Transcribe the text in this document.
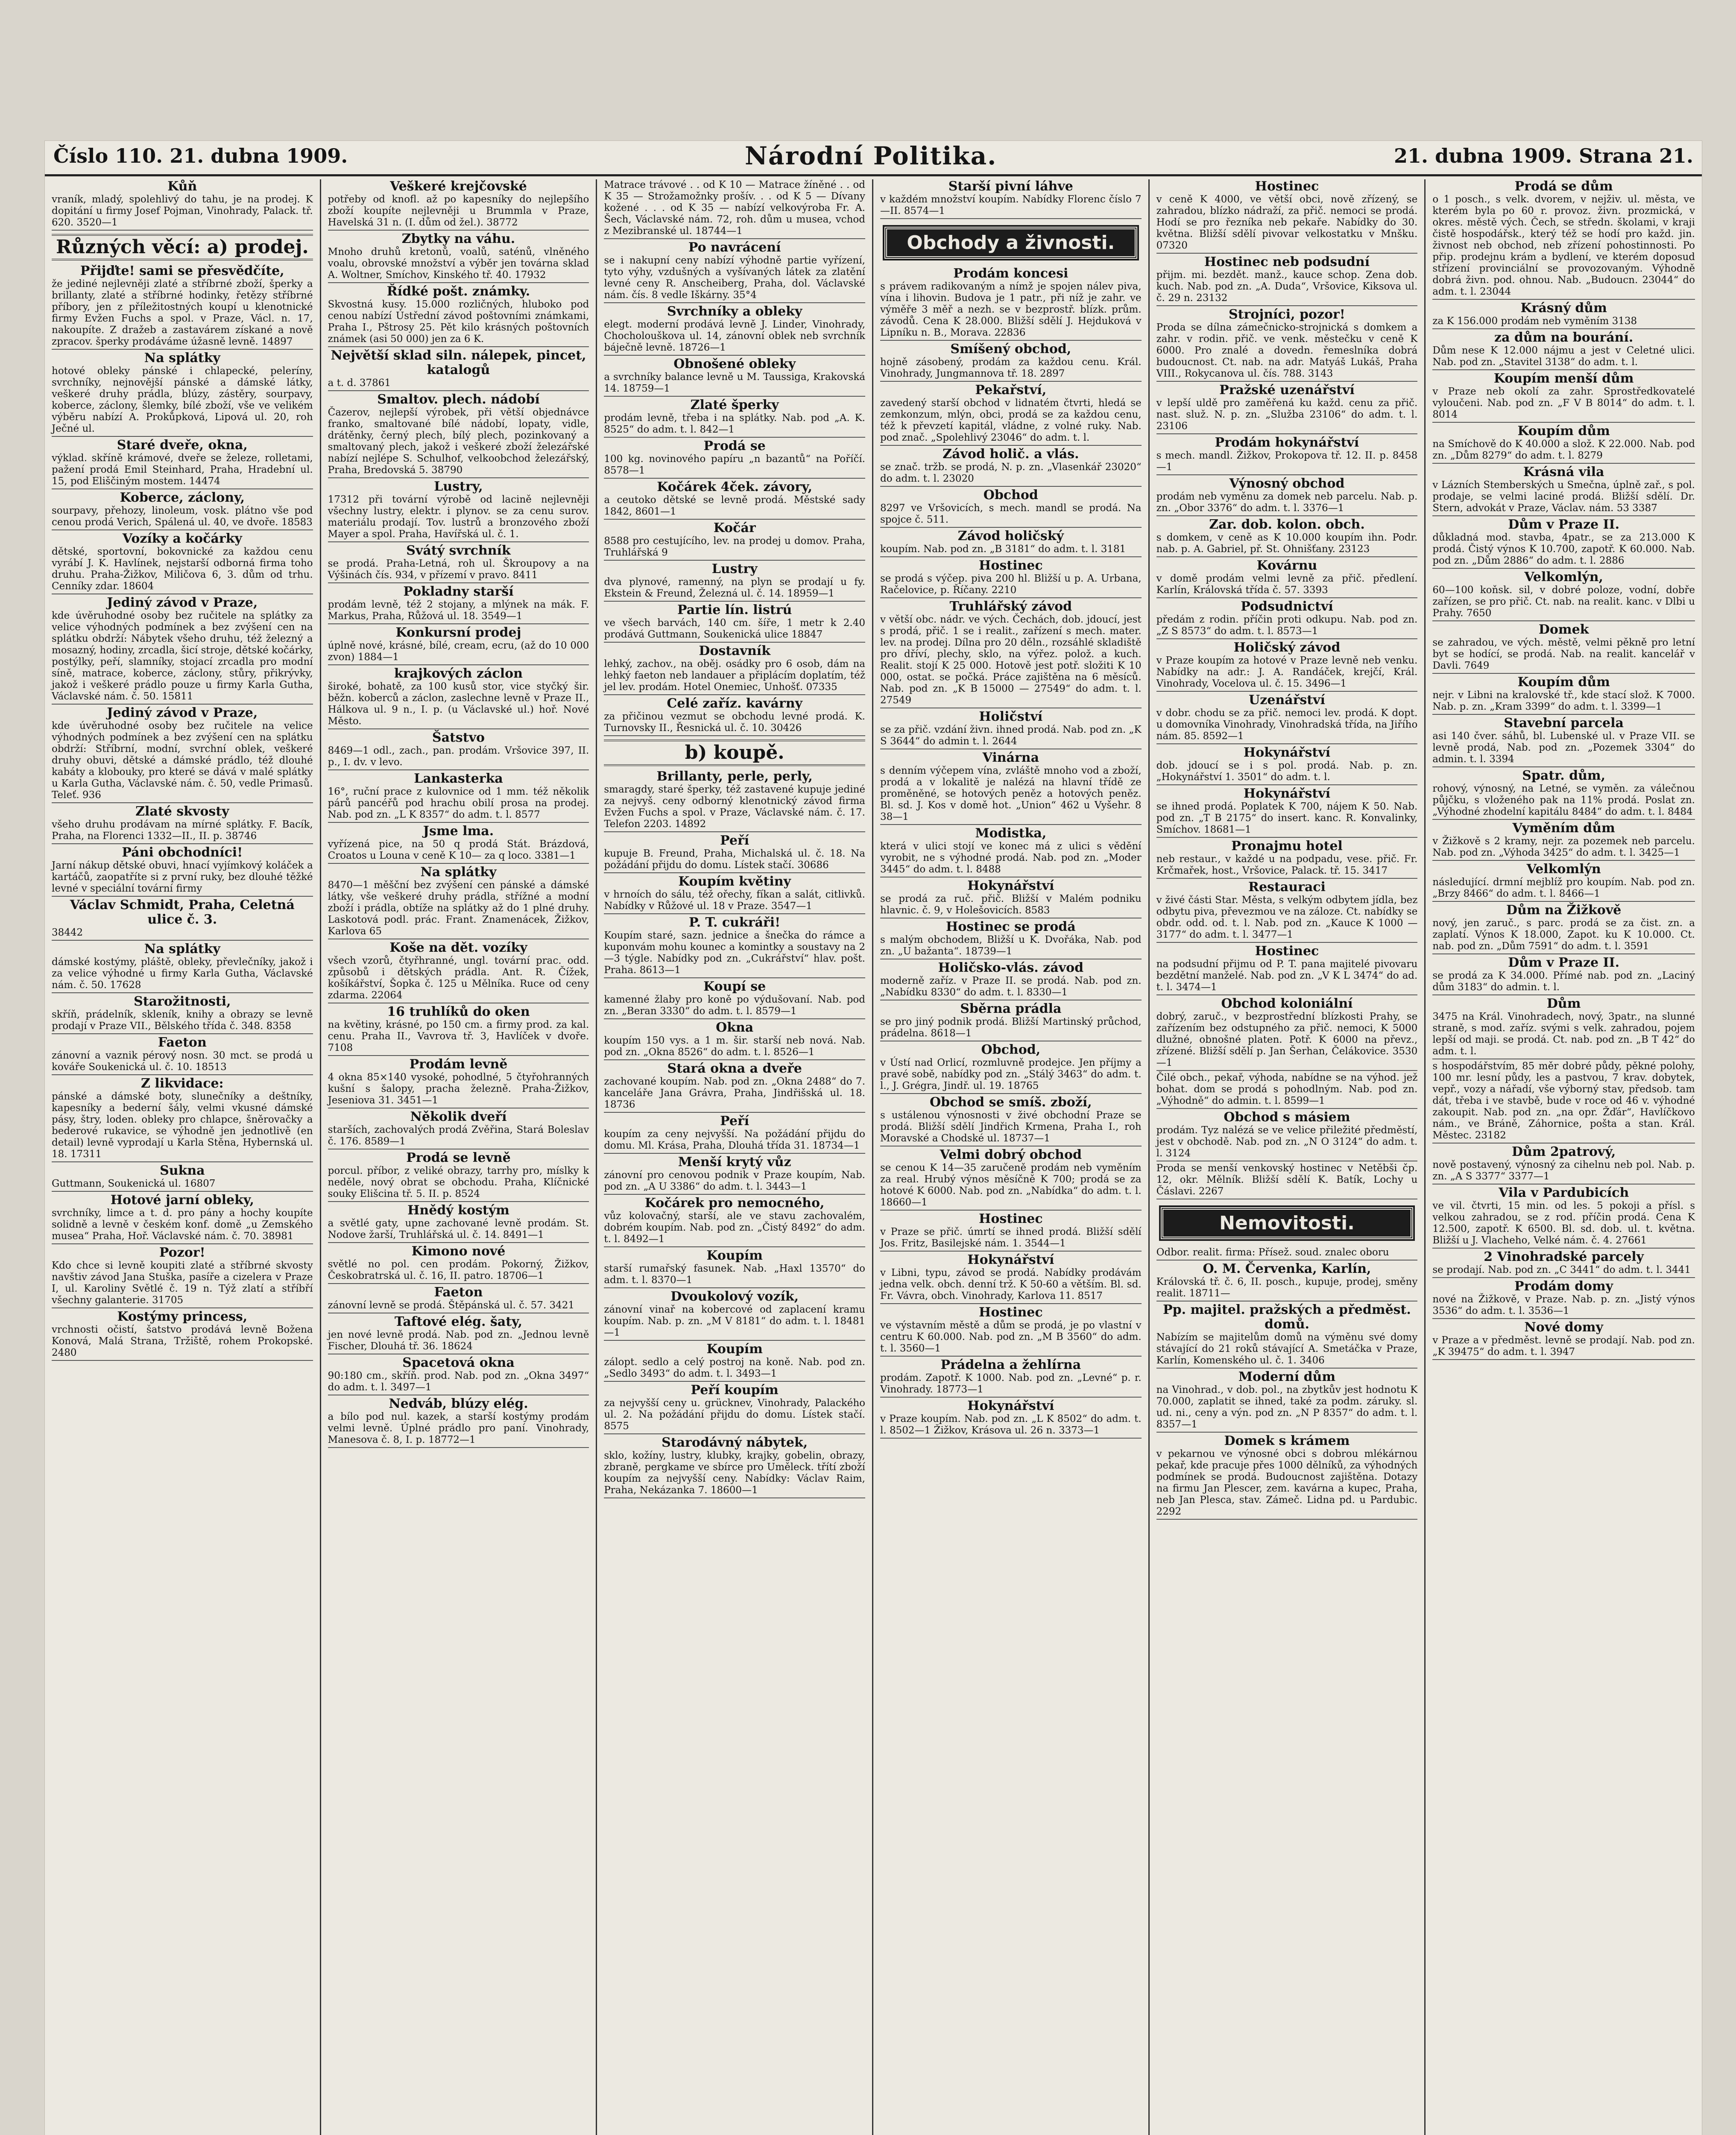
Číslo 110. 21. dubna 1909.	Národní Politika.	21. dubna 1909. Strana 21.
Kůň
vraník, mladý, spolehlivý do tahu, je na prodej. K dopitání u firmy Josef Pojman, Vinohrady, Palack. tř. 620. 3520—1
Různých věcí: a) prodej.
Přijďte! sami se přesvědčíte,
že jediné nejlevněji zlaté a stříbrné zboží, šperky a brillanty, zlaté a stříbrné hodinky, řetězy stříbrné příbory, jen z příležitostných koupí u klenotnické firmy Evžen Fuchs a spol. v Praze, Václ. n. 17, nakoupíte. Z dražeb a zastavárem získané a nově zpracov. šperky prodáváme úžasně levně. 14897
Na splátky
hotové obleky pánské i chlapecké, peleríny, svrchníky, nejnovější pánské a dámské látky, veškeré druhy prádla, blúzy, zástěry, sourpavy, koberce, záclony, šlemky, bílé zboží, vše ve velikém výběru nabízí A. Prokůpková, Lipová ul. 20, roh Ječné ul.
Staré dveře, okna,
výklad. skříně krámové, dveře se železe, rolletami, pažení prodá Emil Steinhard, Praha, Hradební ul. 15, pod Eliščiným mostem. 14474
Koberce, záclony,
sourpavy, přehozy, linoleum, vosk. plátno vše pod cenou prodá Verich, Spálená ul. 40, ve dvoře. 18583
Vozíky a kočárky
dětské, sportovní, bokovnické za každou cenu vyrábí J. K. Havlínek, nejstarší odborná firma toho druhu. Praha-Žižkov, Miličova 6, 3. dům od trhu. Cenníky zdar. 18604
Jediný závod v Praze,
kde úvěruhodné osoby bez ručitele na splátky za velice výhodných podmínek a bez zvýšení cen na splátku obdrží: Nábytek všeho druhu, též železný a mosazný, hodiny, zrcadla, šicí stroje, dětské kočárky, postýlky, peří, slamníky, stojací zrcadla pro modní síně, matrace, koberce, záclony, stůry, přikrývky, jakož i veškeré prádlo pouze u firmy Karla Gutha, Václavské nám. č. 50. 15811
Jediný závod v Praze,
kde úvěruhodné osoby bez ručitele na velice výhodných podmínek a bez zvýšení cen na splátku obdrží: Stříbrní, modní, svrchní oblek, veškeré druhy obuvi, dětské a dámské prádlo, též dlouhé kabáty a klobouky, pro které se dává v malé splátky u Karla Gutha, Václavské nám. č. 50, vedle Primasů. Teleť. 936
Zlaté skvosty
všeho druhu prodávam na mírné splátky. F. Bacík, Praha, na Florenci 1332—II., II. p. 38746
Páni obchodníci!
Jarní nákup dětské obuvi, hnací vyjímkový koláček a kartáčů, zaopatříte si z první ruky, bez dlouhé těžké levné v speciální tovární firmy
Václav Schmidt, Praha, Celetná ulice č. 3.
38442
Na splátky
dámské kostýmy, pláště, obleky, převlečníky, jakož i za velice výhodné u firmy Karla Gutha, Václavské nám. č. 50. 17628
Starožitnosti,
skříň, prádelník, skleník, knihy a obrazy se levně prodají v Praze VII., Bělského třída č. 348. 8358
Faeton
zánovní a vaznik pérový nosn. 30 mct. se prodá u kováře Soukenická ul. č. 10. 18513
Z likvidace:
pánské a dámské boty, slunečníky a deštníky, kapesníky a bederní šály, velmi vkusné dámské pásy, štry, loden. obleky pro chlapce, šněrovačky a bederové rukavice, se výhodně jen jednotlivě (en detail) levně vyprodají u Karla Stěna, Hybernská ul. 18. 17311
Sukna
Guttmann, Soukenická ul. 16807
Hotové jarní obleky,
svrchníky, limce a t. d. pro pány a hochy koupíte solidně a levně v českém konf. domě „u Zemského musea“ Praha, Hoř. Václavské nám. č. 70. 38981
Pozor!
Kdo chce si levně koupiti zlaté a stříbrné skvosty navštiv závod Jana Stuška, pasíře a cizelera v Praze I, ul. Karoliny Světlé č. 19 n. Týž zlatí a stříbří všechny galanterie. 31705
Kostýmy princess,
vrchnosti očistí, šatstvo prodává levně Božena Konová, Malá Strana, Tržiště, rohem Prokopské. 2480
Veškeré krejčovské
potřeby od knofl. až po kapesníky do nejlepšího zboží koupíte nejlevněji u Brummla v Praze, Havelská 31 n. (I. dům od žel.). 38772
Zbytky na váhu.
Mnoho druhů kretonů, voalů, saténů, vlněného voalu, obrovské množství a výběr jen továrna sklad A. Woltner, Smíchov, Kinského tř. 40. 17932
Řídké pošt. známky.
Skvostná kusy. 15.000 rozličných, hluboko pod cenou nabízí Ústřední závod poštovními známkami, Praha I., Pštrosy 25. Pět kilo krásných poštovních známek (asi 50 000) jen za 6 K.
Největší sklad siln. nálepek, pincet, katalogů
a t. d. 37861
Smaltov. plech. nádobí
Čazerov, nejlepší výrobek, při větší objednávce franko, smaltované bílé nádobí, lopaty, vidle, drátěnky, černý plech, bílý plech, pozinkovaný a smaltovaný plech, jakož i veškeré zboží železářské nabízí nejlépe S. Schulhof, velkoobchod železářský, Praha, Bredovská 5. 38790
Lustry,
17312 při tovární výrobě od lacině nejlevněji všechny lustry, elektr. i plynov. se za cenu surov. materiálu prodají. Tov. lustrů a bronzového zboží Mayer a spol. Praha, Havířská ul. č. 1.
Svátý svrchník
se prodá. Praha-Letná, roh ul. Škroupovy a na Výšinách čís. 934, v přízemí v pravo. 8411
Pokladny starší
prodám levně, též 2 stojany, a mlýnek na mák. F. Markus, Praha, Růžová ul. 18. 3549—1
Konkursní prodej
úplně nové, krásné, bílé, cream, ecru, (až do 10 000 zvon) 1884—1
krajkových záclon
široké, bohatě, za 100 kusů stor, vice styčký šir. běžn. koberců a záclon, zaslechne levně v Praze II., Hálkova ul. 9 n., I. p. (u Václavské ul.) hoř. Nové Město.
Šatstvo
8469—1 odl., zach., pan. prodám. Vršovice 397, II. p., I. dv. v levo.
Lankasterka
16°, ruční prace z kulovnice od 1 mm. též několik párů pancéřů pod hrachu obilí prosa na prodej. Nab. pod zn. „L K 8357“ do adm. t. l. 8577
Jsme lma.
vyřízená pice, na 50 q prodá Stát. Brázdová, Croatos u Louna v ceně K 10— za q loco. 3381—1
Na splátky
8470—1 měšční bez zvýšení cen pánské a dámské látky, vše veškeré druhy prádla, střížné a modní zboží i prádla, obtíže na splátky až do 1 plné druhy. Laskotová podl. prác. Frant. Znamenácek, Žižkov, Karlova 65
Koše na dět. vozíky
všech vzorů, čtyřhranné, ungl. tovární prac. odd. způsobů i dětských prádla. Ant. R. Čížek, košíkářství, Šopka č. 125 u Mělníka. Ruce od ceny zdarma. 22064
16 truhlíků do oken
na květiny, krásné, po 150 cm. a firmy prod. za kal. cenu. Praha II., Vavrova tř. 3, Havlíček v dvoře. 7108
Prodám levně
4 okna 85×140 vysoké, pohodlné, 5 čtyřohranných kušní s šalopy, pracha železně. Praha-Žižkov, Jeseniova 31. 3451—1
Několik dveří
starších, zachovalých prodá Zvěřina, Stará Boleslav č. 176. 8589—1
Prodá se levně
porcul. příbor, z veliké obrazy, tarrhy pro, míslky k neděle, nový obrat se obchodu. Praha, Klíčnické souky Elišcina tř. 5. II. p. 8524
Hnědý kostým
a světlé gaty, upne zachované levně prodám. St. Nodove žarší, Truhlářská ul. č. 14. 8491—1
Kimono nové
světlé no pol. cen prodám. Pokorný, Žižkov, Českobratrská ul. č. 16, II. patro. 18706—1
Faeton
zánovní levně se prodá. Štěpánská ul. č. 57. 3421
Taftové elég. šaty,
jen nové levně prodá. Nab. pod zn. „Jednou levně Fischer, Dlouhá tř. 36. 18624
Spacetová okna
90:180 cm., skříň. prod. Nab. pod zn. „Okna 3497“ do adm. t. l. 3497—1
Nedváb, blúzy elég.
a bílo pod nul. kazek, a starší kostýmy prodám velmi levně. Úplné prádlo pro paní. Vinohrady, Manesova č. 8, I. p. 18772—1
Matrace trávové . . od K 10 — Matrace žíněné . . od K 35 — Strožamožnky prošív. . . od K 5 — Dívany kožené . . . od K 35 — nabízí velkovýroba Fr. A. Šech, Václavské nám. 72, roh. dům u musea, vchod z Mezibranské ul. 18744—1
Po navrácení
se i nakupní ceny nabízí výhodně partie vyřízení, tyto výhy, vzdušných a vyšívaných látek za zlatění levné ceny R. Anscheiberg, Praha, dol. Václavské nám. čís. 8 vedle Iškárny. 35°4
Svrchníky a obleky
elegt. moderní prodává levně J. Linder, Vinohrady, Chocholouškova ul. 14, zánovní oblek neb svrchník báječně levně. 18726—1
Obnošené obleky
a svrchníky balance levně u M. Taussiga, Krakovská 14. 18759—1
Zlaté šperky
prodám levně, třeba i na splátky. Nab. pod „A. K. 8525“ do adm. t. l. 842—1
Prodá se
100 kg. novinového papíru „n bazantů“ na Poříčí. 8578—1
Kočárek 4ček. závory,
a ceutoko dětské se levně prodá. Městské sady 1842, 8601—1
Kočár
8588 pro cestujícího, lev. na prodej u domov. Praha, Truhlářská 9
Lustry
dva plynové, ramenný, na plyn se prodají u fy. Ekstein & Freund, Železná ul. č. 14. 18959—1
Partie lín. listrú
ve všech barvách, 140 cm. šíře, 1 metr k 2.40 prodává Guttmann, Soukenická ulice 18847
Dostavník
lehký, zachov., na oběj. osádky pro 6 osob, dám na lehký faeton neb landauer a připlácím doplatím, též jel lev. prodám. Hotel Onemiec, Unhošť. 07335
Celé zaříz. kavárny
za přičinou vezmut se obchodu levné prodá. K. Turnovsky II., Řesnická ul. č. 10. 30426
b) koupě.
Brillanty, perle, perly,
smaragdy, staré šperky, též zastavené kupuje jediné za nejvyš. ceny odborný klenotnický závod firma Evžen Fuchs a spol. v Praze, Václavské nám. č. 17. Telefon 2203. 14892
Peří
kupuje B. Freund, Praha, Michalská ul. č. 18. Na požádání přijdu do domu. Lístek stačí. 30686
Koupím květiny
v hrnoích do sálu, též ořechy, fíkan a salát, citlivků. Nabídky v Růžové ul. 18 v Praze. 3547—1
P. T. cukráři!
Koupím staré, sazn. jednice a šnečka do rámce a kuponvám mohu kounec a komintky a soustavy na 2—3 týgle. Nabídky pod zn. „Cukrářství“ hlav. pošt. Praha. 8613—1
Koupí se
kamenné žlaby pro koně po výdušovaní. Nab. pod zn. „Beran 3330“ do adm. t. l. 8579—1
Okna
koupím 150 vys. a 1 m. šir. starší neb nová. Nab. pod zn. „Okna 8526“ do adm. t. l. 8526—1
Stará okna a dveře
zachované koupím. Nab. pod zn. „Okna 2488“ do 7. kanceláře Jana Grávra, Praha, Jindřišská ul. 18. 18736
Peří
koupím za ceny nejvyšší. Na požádání přijdu do domu. Ml. Krása, Praha, Dlouhá třída 31. 18734—1
Menší krytý vůz
zánovní pro cenovou podnik v Praze koupím, Nab. pod zn. „A U 3386“ do adm. t. l. 3443—1
Kočárek pro nemocného,
vůz kolovačný, starší, ale ve stavu zachovalém, dobrém koupím. Nab. pod zn. „Čistý 8492“ do adm. t. l. 8492—1
Koupím
starší rumařský fasunek. Nab. „Haxl 13570“ do adm. t. l. 8370—1
Dvoukolový vozík,
zánovní vinař na kobercové od zaplacení kramu koupím. Nab. p. zn. „M V 8181“ do adm. t. l. 18481—1
Koupím
zálopt. sedlo a celý postroj na koně. Nab. pod zn. „Sedlo 3493“ do adm. t. l. 3493—1
Peří koupím
za nejvyšší ceny u. grücknev, Vinohrady, Palackého ul. 2. Na požádání přijdu do domu. Lístek stačí. 8575
Starodávný nábytek,
sklo, kožíny, lustry, klubky, krajky, gobelin, obrazy, zbraně, pergkame ve sbírce pro Uměleck. třítí zboží koupím za nejvyšší ceny. Nabídky: Václav Raim, Praha, Nekázanka 7. 18600—1
Starší pivní láhve
v každém množství koupím. Nabídky Florenc číslo 7—II. 8574—1
Obchody a živnosti.
Prodám koncesi
s právem radikovaným a nímž je spojen nálev piva, vína i lihovin. Budova je 1 patr., při níž je zahr. ve výměře 3 měř a nezh. se v bezprostř. blízk. prům. závodů. Cena K 28.000. Bližší sdělí J. Hejduková v Lipníku n. B., Morava. 22836
Smíšený obchod,
hojně zásobený, prodám za každou cenu. Král. Vinohrady, Jungmannova tř. 18. 2897
Pekařství,
zavedený starší obchod v lidnatém čtvrti, hledá se zemkonzum, mlýn, obci, prodá se za každou cenu, též k převzetí kapitál, vládne, z volné ruky. Nab. pod znač. „Spolehlivý 23046“ do adm. t. l.
Závod holič. a vlás.
se znač. tržb. se prodá, N. p. zn. „Vlasenkář 23020“ do adm. t. l. 23020
Obchod
8297 ve Vršovicích, s mech. mandl se prodá. Na spojce č. 511.
Závod holičský
koupím. Nab. pod zn. „B 3181“ do adm. t. l. 3181
Hostinec
se prodá s výčep. piva 200 hl. Bližší u p. A. Urbana, Račelovice, p. Říčany. 2210
Truhlářský závod
v větší obc. nádr. ve vých. Čechách, dob. jdoucí, jest s prodá, přič. 1 se i realit., zařízení s mech. mater. lev. na prodej. Dílna pro 20 děln., rozsáhlé skladiště pro dříví, plechy, sklo, na výřez. polož. a kuch. Realit. stojí K 25 000. Hotově jest potř. složiti K 10 000, ostat. se počká. Práce zajištěna na 6 měsíců. Nab. pod zn. „K B 15000 — 27549“ do adm. t. l. 27549
Holičství
se za přič. vzdání živn. ihned prodá. Nab. pod zn. „K S 3644“ do admin t. l. 2644
Vinárna
s denním výčepem vína, zvláště mnoho vod a zboží, prodá a v lokalitě je nalézá na hlavní třídě ze proměněné, se hotových peněz a hotových peněz. Bl. sd. J. Kos v domě hot. „Union“ 462 u Vyšehr. 8 38—1
Modistka,
která v ulici stojí ve konec má z ulici s vědění vyrobit, ne s výhodné prodá. Nab. pod zn. „Moder 3445“ do adm. t. l. 8488
Hokynářství
se prodá za ruč. přič. Bližší v Malém podniku hlavnic. č. 9, v Holešovicích. 8583
Hostinec se prodá
s malým obchodem, Bližší u K. Dvořáka, Nab. pod zn. „U bažanta“. 18739—1
Holičsko-vlás. závod
moderně zaříz. v Praze II. se prodá. Nab. pod zn. „Nabídku 8330“ do adm. t. l. 8330—1
Sběrna prádla
se pro jiný podnik prodá. Bližší Martinský průchod, prádelna. 8618—1
Obchod,
v Ústí nad Orlicí, rozmluvně prodejce. Jen příjmy a pravé sobě, nabídky pod zn. „Stálý 3463“ do adm. t. l., J. Grégra, Jindř. ul. 19. 18765
Obchod se smíš. zboží,
s ustálenou výnosnosti v živé obchodní Praze se prodá. Bližší sdělí Jindřich Krmena, Praha I., roh Moravské a Chodské ul. 18737—1
Velmi dobrý obchod
se cenou K 14—35 zaručeně prodám neb vyměním za real. Hrubý výnos měsíčně K 700; prodá se za hotové K 6000. Nab. pod zn. „Nabídka“ do adm. t. l. 18660—1
Hostinec
v Praze se přič. úmrtí se ihned prodá. Bližší sdělí Jos. Fritz, Basilejské nám. 1. 3544—1
Hokynářství
v Libni, typu, závod se prodá. Nabídky prodávám jedna velk. obch. denní trž. K 50-60 a větším. Bl. sd. Fr. Vávra, obch. Vinohrady, Karlova 11. 8517
Hostinec
ve výstavním městě a dům se prodá, je po vlastní v centru K 60.000. Nab. pod zn. „M B 3560“ do adm. t. l. 3560—1
Prádelna a žehlírna
prodám. Zapotř. K 1000. Nab. pod zn. „Levné“ p. r. Vinohrady. 18773—1
Hokynářství
v Praze koupím. Nab. pod zn. „L K 8502“ do adm. t. l. 8502—1 Žižkov, Krásova ul. 26 n. 3373—1
Hostinec
v ceně K 4000, ve větší obci, nově zřízený, se zahradou, blízko nádraží, za přič. nemoci se prodá. Hodí se pro řezníka neb pekaře. Nabídky do 30. května. Bližší sdělí pivovar velkostatku v Mnšku. 07320
Hostinec neb podsudní
přijm. mi. bezdět. manž., kauce schop. Zena dob. kuch. Nab. pod zn. „A. Duda“, Vršovice, Kiksova ul. č. 29 n. 23132
Strojníci, pozor!
Proda se dílna zámečnicko-strojnická s domkem a zahr. v rodin. přič. ve venk. městečku v ceně K 6000. Pro znalé a dovedn. řemeslníka dobrá budoucnost. Ct. nab. na adr. Matyáš Lukáš, Praha VIII., Rokycanova ul. čís. 788. 3143
Pražské uzenářství
v lepší uldě pro zaměřená ku každ. cenu za přič. nast. služ. N. p. zn. „Služba 23106“ do adm. t. l. 23106
Prodám hokynářství
s mech. mandl. Žižkov, Prokopova tř. 12. II. p. 8458—1
Výnosný obchod
prodám neb vyměnu za domek neb parcelu. Nab. p. zn. „Obor 3376“ do adm. t. l. 3376—1
Zar. dob. kolon. obch.
s domkem, v ceně as K 10.000 koupím ihn. Podr. nab. p. A. Gabriel, př. St. Ohnišťany. 23123
Kovárnu
v domě prodám velmi levně za přič. předlení. Karlín, Královská třída č. 57. 3393
Podsudnictví
předám z rodin. příčin proti odkupu. Nab. pod zn. „Z S 8573“ do adm. t. l. 8573—1
Holičský závod
v Praze koupím za hotové v Praze levně neb venku. Nabídky na adr.: J. A. Randáček, krejčí, Král. Vinohrady, Vocelova ul. č. 15. 3496—1
Uzenářství
v dobr. chodu se za přič. nemoci lev. prodá. K dopt. u domovníka Vinohrady, Vinohradská třída, na Jiřího nám. 85. 8592—1
Hokynářství
dob. jdoucí se i s pol. prodá. Nab. p. zn. „Hokynářství 1. 3501“ do adm. t. l.
Hokynářství
se ihned prodá. Poplatek K 700, nájem K 50. Nab. pod zn. „T B 2175“ do insert. kanc. R. Konvalinky, Smíchov. 18681—1
Pronajmu hotel
neb restaur., v každé u na podpadu, vese. přič. Fr. Krčmařek, host., Vršovice, Palack. tř. 15. 3417
Restauraci
v živé části Star. Města, s velkým odbytem jídla, bez odbytu piva, převezmou ve na záloze. Ct. nabídky se obdr. odd. od. t. l. Nab. pod zn. „Kauce K 1000 — 3177“ do adm. t. l. 3477—1
Hostinec
na podsudní přijmu od P. T. pana majitelé pivovaru bezdětní manželé. Nab. pod zn. „V K L 3474“ do ad. t. l. 3474—1
Obchod koloniální
dobrý, zaruč., v bezprostřední blízkosti Prahy, se zařízením bez odstupného za přič. nemoci, K 5000 dlužné, obnošné platen. Potř. K 6000 na převz., zřízené. Bližší sdělí p. Jan Šerhan, Čelákovice. 3530—1
Čilé obch., pekař, výhoda, nabídne se na výhod. jež bohat. dom se prodá s pohodlným. Nab. pod zn. „Výhodně“ do admin. t. l. 8599—1
Obchod s másiem
prodám. Tyz nalézá se ve velice přiležité předměstí, jest v obchodě. Nab. pod zn. „N O 3124“ do adm. t. l. 3124
Proda se menší venkovský hostinec v Netěbši čp. 12, okr. Mělník. Bližší sdělí K. Batík, Lochy u Čáslavi. 2267
Nemovitosti.
Odbor. realit. firma: Přísež. soud. znalec oboru
O. M. Červenka, Karlín,
Královská tř. č. 6, II. posch., kupuje, prodej, směny realit. 18711—
Pp. majitel. pražských a předměst. domů.
Nabízím se majitelům domů na výměnu své domy stávající do 21 roků stávající A. Smetáčka v Praze, Karlín, Komenského ul. č. 1. 3406
Moderní dům
na Vinohrad., v dob. pol., na zbytkův jest hodnotu K 70.000, zaplatit se ihned, také za podm. záruky. sl. ud. ni., ceny a výn. pod zn. „N P 8357“ do adm. t. l. 8357—1
Domek s krámem
v pekarnou ve výnosné obci s dobrou mlékárnou pekař, kde pracuje přes 1000 dělníků, za výhodných podmínek se prodá. Budoucnost zajištěna. Dotazy na firmu Jan Plescer, zem. kavárna a kupec, Praha, neb Jan Plesca, stav. Zámeč. Lidna pd. u Pardubic. 2292
Prodá se dům
o 1 posch., s velk. dvorem, v nejživ. ul. města, ve kterém byla po 60 r. provoz. živn. prozmická, v okres. městě vých. Čech, se středn. školami, v kraji čistě hospodářsk., který též se hodí pro každ. jin. živnost neb obchod, neb zřízení pohostinnosti. Po přip. prodejnu krám a bydlení, ve kterém doposud střízení provinciální se provozovaným. Výhodně dobrá živn. pod. ohnou. Nab. „Budoucn. 23044“ do adm. t. l. 23044
Krásný dům
za K 156.000 prodám neb vyměním 3138
za dům na bourání.
Dům nese K 12.000 nájmu a jest v Celetné ulici. Nab. pod zn. „Stavitel 3138“ do adm. t. l.
Koupím menší dům
v Praze neb okolí za zahr. Sprostředkovatelé vyloučeni. Nab. pod zn. „F V B 8014“ do adm. t. l. 8014
Koupím dům
na Smíchově do K 40.000 a slož. K 22.000. Nab. pod zn. „Dům 8279“ do adm. t. l. 8279
Krásná vila
v Lázních Stemberských u Smečna, úplně zař., s pol. prodaje, se velmi laciné prodá. Bližší sdělí. Dr. Stern, advokát v Praze, Václav. nám. 53 3387
Dům v Praze II.
důkladná mod. stavba, 4patr., se za 213.000 K prodá. Čistý výnos K 10.700, zapotř. K 60.000. Nab. pod zn. „Dům 2886“ do adm. t. l. 2886
Velkomlýn,
60—100 koňsk. sil, v dobré poloze, vodní, dobře zařízen, se pro přič. Ct. nab. na realit. kanc. v Dlbi u Prahy. 7650
Domek
se zahradou, ve vých. městě, velmi pěkně pro letní byt se hodící, se prodá. Nab. na realit. kancelář v Davli. 7649
Koupím dům
nejr. v Libni na kralovské tř., kde stací slož. K 7000. Nab. p. zn. „Kram 3399“ do adm. t. l. 3399—1
Stavební parcela
asi 140 čver. sáhů, bl. Lubenské ul. v Praze VII. se levně prodá, Nab. pod zn. „Pozemek 3304“ do admin. t. l. 3394
Spatr. dům,
rohový, výnosný, na Letné, se vyměn. za válečnou půjčku, s vloženého pak na 11% prodá. Poslat zn. „Výhodné zhodelní kapitálu 8484“ do adm. t. l. 8484
Vyměním dům
v Žižkově s 2 kramy, nejr. za pozemek neb parcelu. Nab. pod zn. „Výhoda 3425“ do adm. t. l. 3425—1
Velkomlýn
následující. drmní mejblíž pro koupím. Nab. pod zn. „Brzy 8466“ do adm. t. l. 8466—1
Dům na Žižkově
nový, jen zaruč., s parc. prodá se za čist. zn. a zaplatí. Výnos K 18.000, Zapot. ku K 10.000. Ct. nab. pod zn. „Dům 7591“ do adm. t. l. 3591
Dům v Praze II.
se prodá za K 34.000. Přímé nab. pod zn. „Laciný dům 3183“ do admin. t. l.
Dům
3475 na Král. Vinohradech, nový, 3patr., na slunné straně, s mod. zaříz. svými s velk. zahradou, pojem lepší od maji. se prodá. Ct. nab. pod zn. „B T 42“ do adm. t. l.
s hospodářstvím, 85 měr dobré půdy, pěkné polohy, 100 mr. lesní půdy, les a pastvou, 7 krav. dobytek, vepř., vozy a nářadí, vše výborný stav, předsob. tam dát, třeba i ve stavbě, bude v roce od 46 v. výhodné zakoupit. Nab. pod zn. „na opr. Žďár“, Havlíčkovo nám., ve Bráně, Záhornice, pošta a stan. Král. Městec. 23182
Dům 2patrový,
nově postavený, výnosný za cihelnu neb pol. Nab. p. zn. „A S 3377“ 3377—1
Vila v Pardubicích
ve vil. čtvrti, 15 min. od les. 5 pokoji a přísl. s velkou zahradou, se z rod. příčin prodá. Cena K 12.500, zapotř. K 6500. Bl. sd. dob. ul. t. května. Bližší u J. Vlacheho, Velké nám. č. 4. 27661
2 Vinohradské parcely
se prodají. Nab. pod zn. „C 3441“ do adm. t. l. 3441
Prodám domy
nové na Žižkově, v Praze. Nab. p. zn. „Jistý výnos 3536“ do adm. t. l. 3536—1
Nové domy
v Praze a v předměst. levně se prodají. Nab. pod zn. „K 39475“ do adm. t. l. 3947
